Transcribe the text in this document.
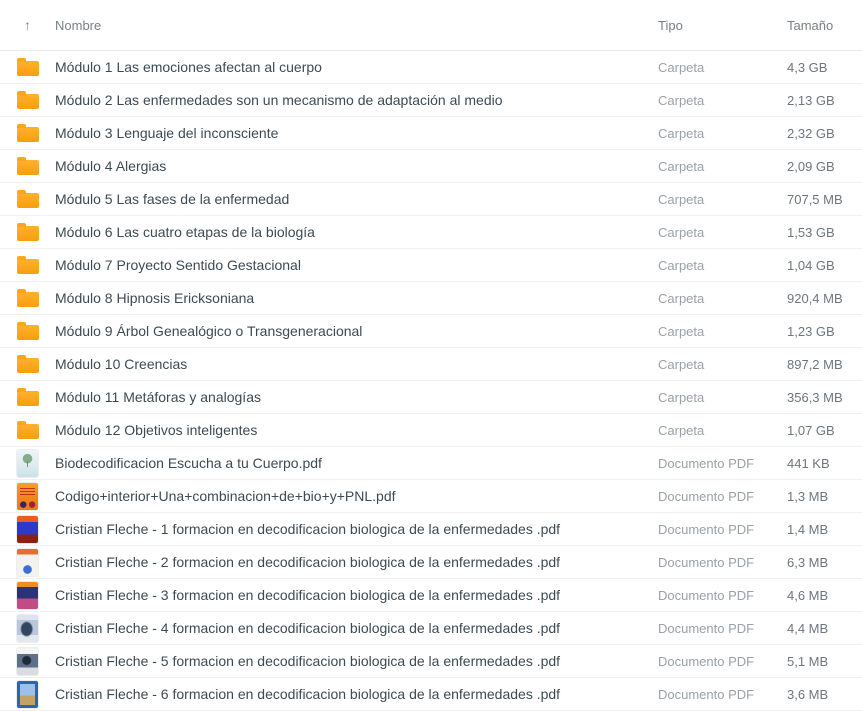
↑ Nombre	Tipo	Tamaño
Módulo 1 Las emociones afectan al cuerpo	Carpeta	4,3 GB
Módulo 2 Las enfermedades son un mecanismo de adaptación al medio	Carpeta	2,13 GB
Módulo 3 Lenguaje del inconsciente	Carpeta	2,32 GB
Módulo 4 Alergias	Carpeta	2,09 GB
Módulo 5 Las fases de la enfermedad	Carpeta	707,5 MB
Módulo 6 Las cuatro etapas de la biología	Carpeta	1,53 GB
Módulo 7 Proyecto Sentido Gestacional	Carpeta	1,04 GB
Módulo 8 Hipnosis Ericksoniana	Carpeta	920,4 MB
Módulo 9 Árbol Genealógico o Transgeneracional	Carpeta	1,23 GB
Módulo 10 Creencias	Carpeta	897,2 MB
Módulo 11 Metáforas y analogías	Carpeta	356,3 MB
Módulo 12 Objetivos inteligentes	Carpeta	1,07 GB
Biodecodificacion Escucha a tu Cuerpo.pdf	Documento PDF	441 KB
Codigo+interior+Una+combinacion+de+bio+y+PNL.pdf	Documento PDF	1,3 MB
Cristian Fleche - 1 formacion en decodificacion biologica de la enfermedades .pdf	Documento PDF	1,4 MB
Cristian Fleche - 2 formacion en decodificacion biologica de la enfermedades .pdf	Documento PDF	6,3 MB
Cristian Fleche - 3 formacion en decodificacion biologica de la enfermedades .pdf	Documento PDF	4,6 MB
Cristian Fleche - 4 formacion en decodificacion biologica de la enfermedades .pdf	Documento PDF	4,4 MB
Cristian Fleche - 5 formacion en decodificacion biologica de la enfermedades .pdf	Documento PDF	5,1 MB
Cristian Fleche - 6 formacion en decodificacion biologica de la enfermedades .pdf	Documento PDF	3,6 MB
